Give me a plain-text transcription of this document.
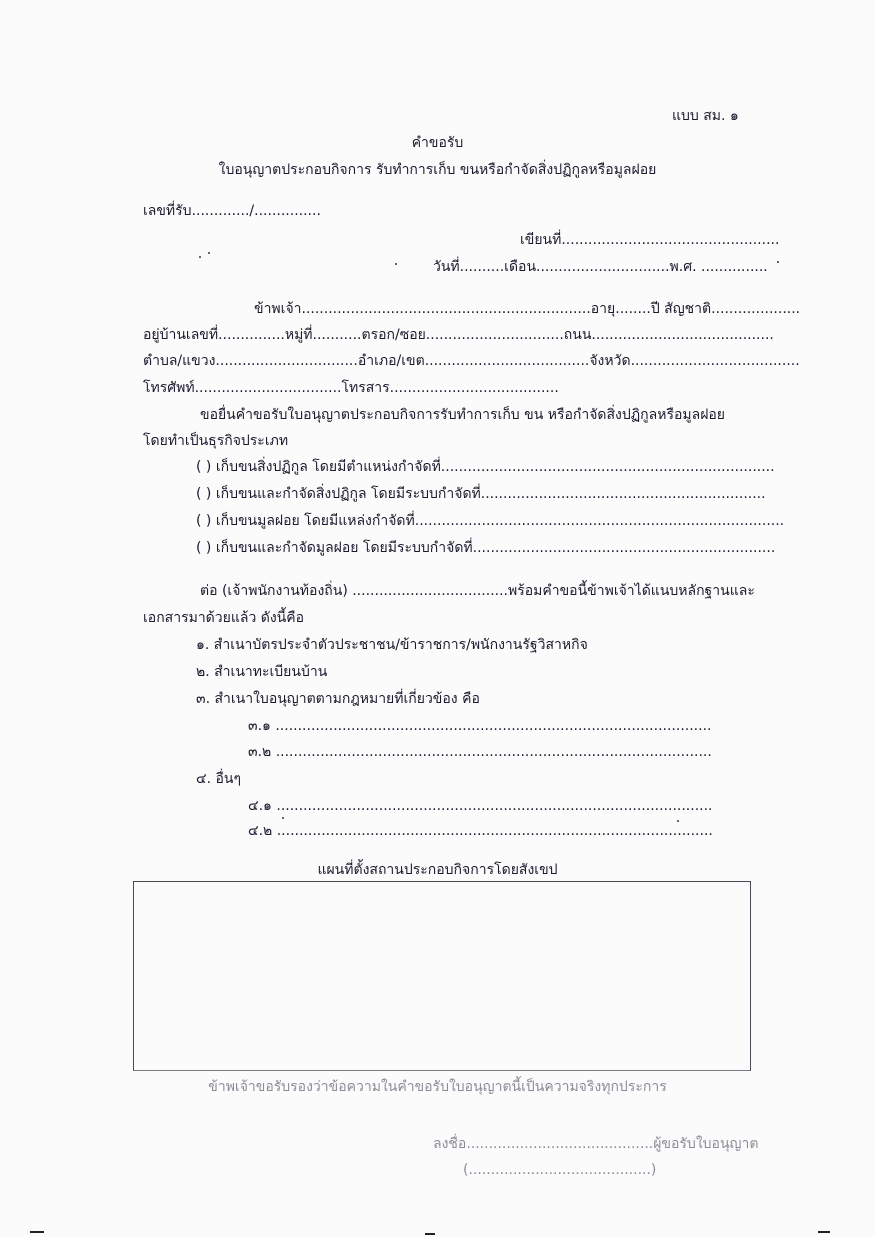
แบบ สม. ๑
คำขอรับ
ใบอนุญาตประกอบกิจการ รับทำการเก็บ ขนหรือกำจัดสิ่งปฏิกูลหรือมูลฝอย
เลขที่รับ............./...............
เขียนที่.................................................
วันที่..........เดือน..............................พ.ศ. ...............
ข้าพเจ้า.................................................................อายุ........ปี สัญชาติ....................
อยู่บ้านเลขที่...............หมู่ที่...........ตรอก/ซอย...............................ถนน.........................................
ตำบล/แขวง................................อำเภอ/เขต.....................................จังหวัด......................................
โทรศัพท์.................................โทรสาร......................................
ขอยื่นคำขอรับใบอนุญาตประกอบกิจการรับทำการเก็บ ขน หรือกำจัดสิ่งปฏิกูลหรือมูลฝอย
โดยทำเป็นธุรกิจประเภท
( ) เก็บขนสิ่งปฏิกูล โดยมีตำแหน่งกำจัดที่...........................................................................
( ) เก็บขนและกำจัดสิ่งปฏิกูล โดยมีระบบกำจัดที่................................................................
( ) เก็บขนมูลฝอย โดยมีแหล่งกำจัดที่...................................................................................
( ) เก็บขนและกำจัดมูลฝอย โดยมีระบบกำจัดที่....................................................................
ต่อ (เจ้าพนักงานท้องถิ่น) ...................................พร้อมคำขอนี้ข้าพเจ้าได้แนบหลักฐานและ
เอกสารมาด้วยแล้ว ดังนี้คือ
๑. สำเนาบัตรประจำตัวประชาชน/ข้าราชการ/พนักงานรัฐวิสาหกิจ
๒. สำเนาทะเบียนบ้าน
๓. สำเนาใบอนุญาตตามกฎหมายที่เกี่ยวข้อง คือ
๓.๑ ..................................................................................................
๓.๒ ..................................................................................................
๔. อื่นๆ
๔.๑ ..................................................................................................
๔.๒ ..................................................................................................
แผนที่ตั้งสถานประกอบกิจการโดยสังเขป
ข้าพเจ้าขอรับรองว่าข้อความในคำขอรับใบอนุญาตนี้เป็นความจริงทุกประการ
ลงชื่อ..........................................ผู้ขอรับใบอนุญาต
(.........................................)
